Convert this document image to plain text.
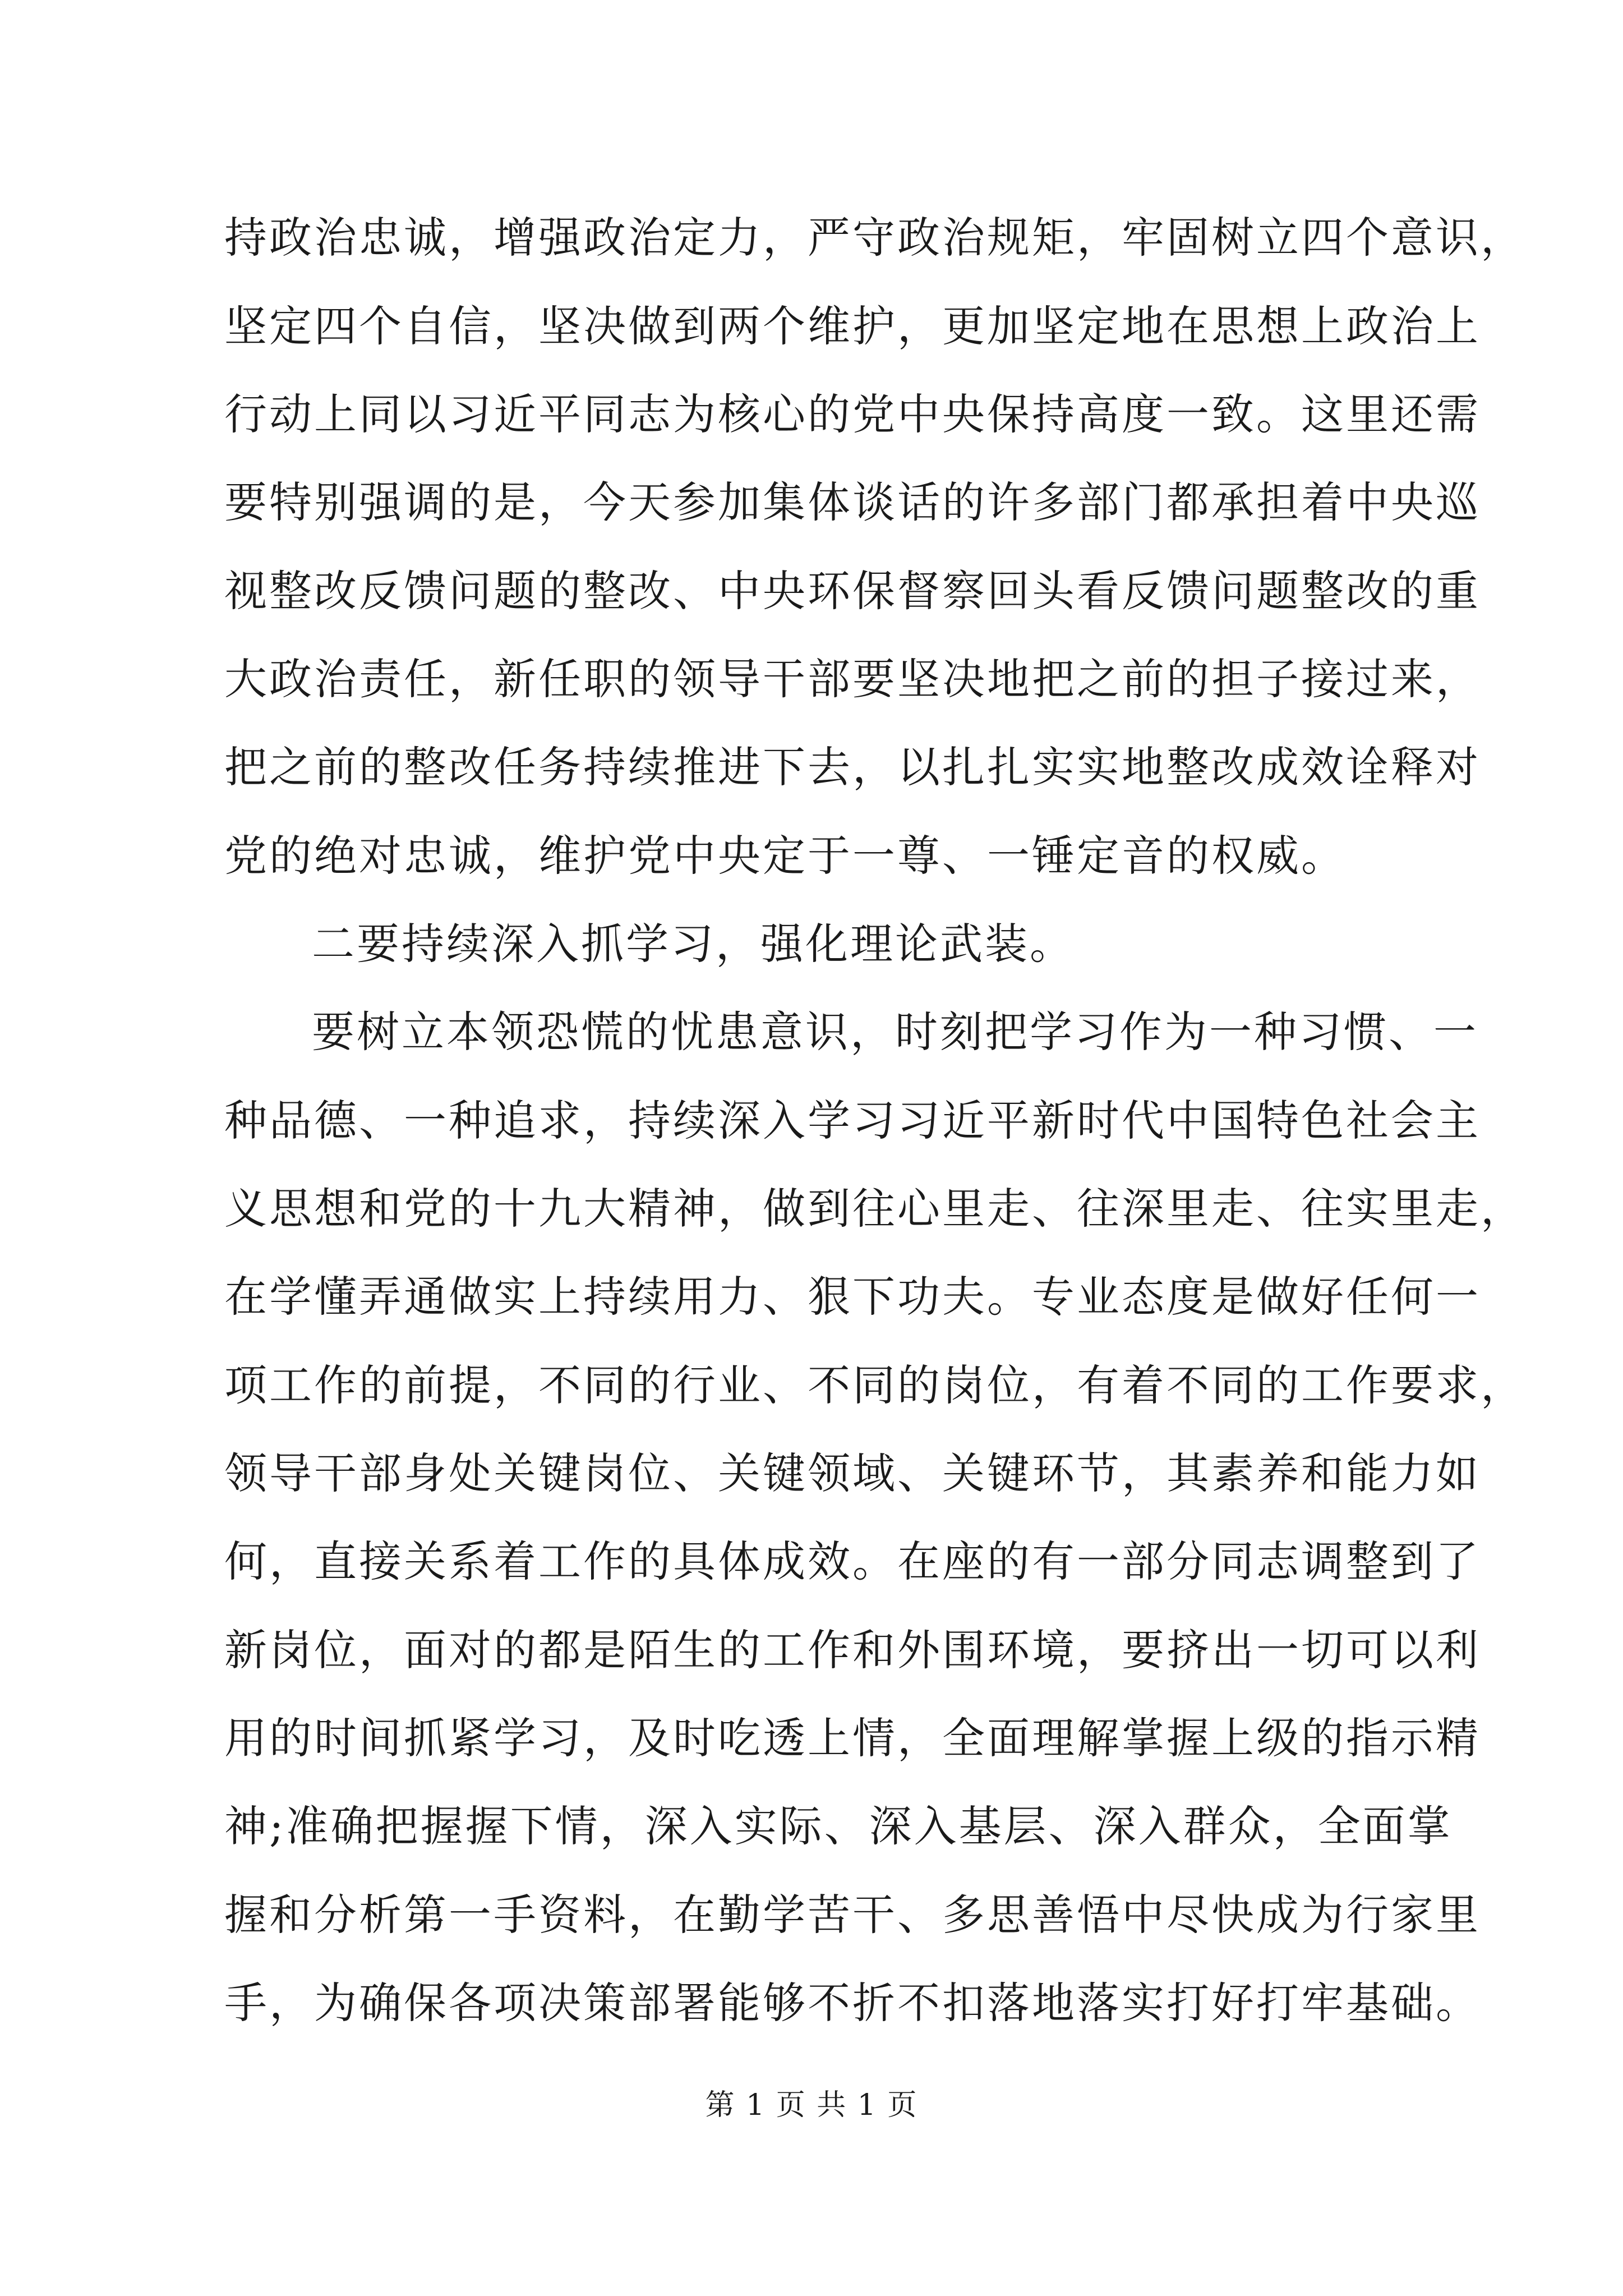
持政治忠诚，增强政治定力，严守政治规矩，牢固树立四个意识，
坚定四个自信，坚决做到两个维护，更加坚定地在思想上政治上
行动上同以习近平同志为核心的党中央保持高度一致。这里还需
要特别强调的是，今天参加集体谈话的许多部门都承担着中央巡
视整改反馈问题的整改、中央环保督察回头看反馈问题整改的重
大政治责任，新任职的领导干部要坚决地把之前的担子接过来，
把之前的整改任务持续推进下去，以扎扎实实地整改成效诠释对
党的绝对忠诚，维护党中央定于一尊、一锤定音的权威。
二要持续深入抓学习，强化理论武装。
要树立本领恐慌的忧患意识，时刻把学习作为一种习惯、一
种品德、一种追求，持续深入学习习近平新时代中国特色社会主
义思想和党的十九大精神，做到往心里走、往深里走、往实里走，
在学懂弄通做实上持续用力、狠下功夫。专业态度是做好任何一
项工作的前提，不同的行业、不同的岗位，有着不同的工作要求，
领导干部身处关键岗位、关键领域、关键环节，其素养和能力如
何，直接关系着工作的具体成效。在座的有一部分同志调整到了
新岗位，面对的都是陌生的工作和外围环境，要挤出一切可以利
用的时间抓紧学习，及时吃透上情，全面理解掌握上级的指示精
神;准确把握握下情，深入实际、深入基层、深入群众，全面掌
握和分析第一手资料，在勤学苦干、多思善悟中尽快成为行家里
手，为确保各项决策部署能够不折不扣落地落实打好打牢基础。
第 1 页 共 1 页
